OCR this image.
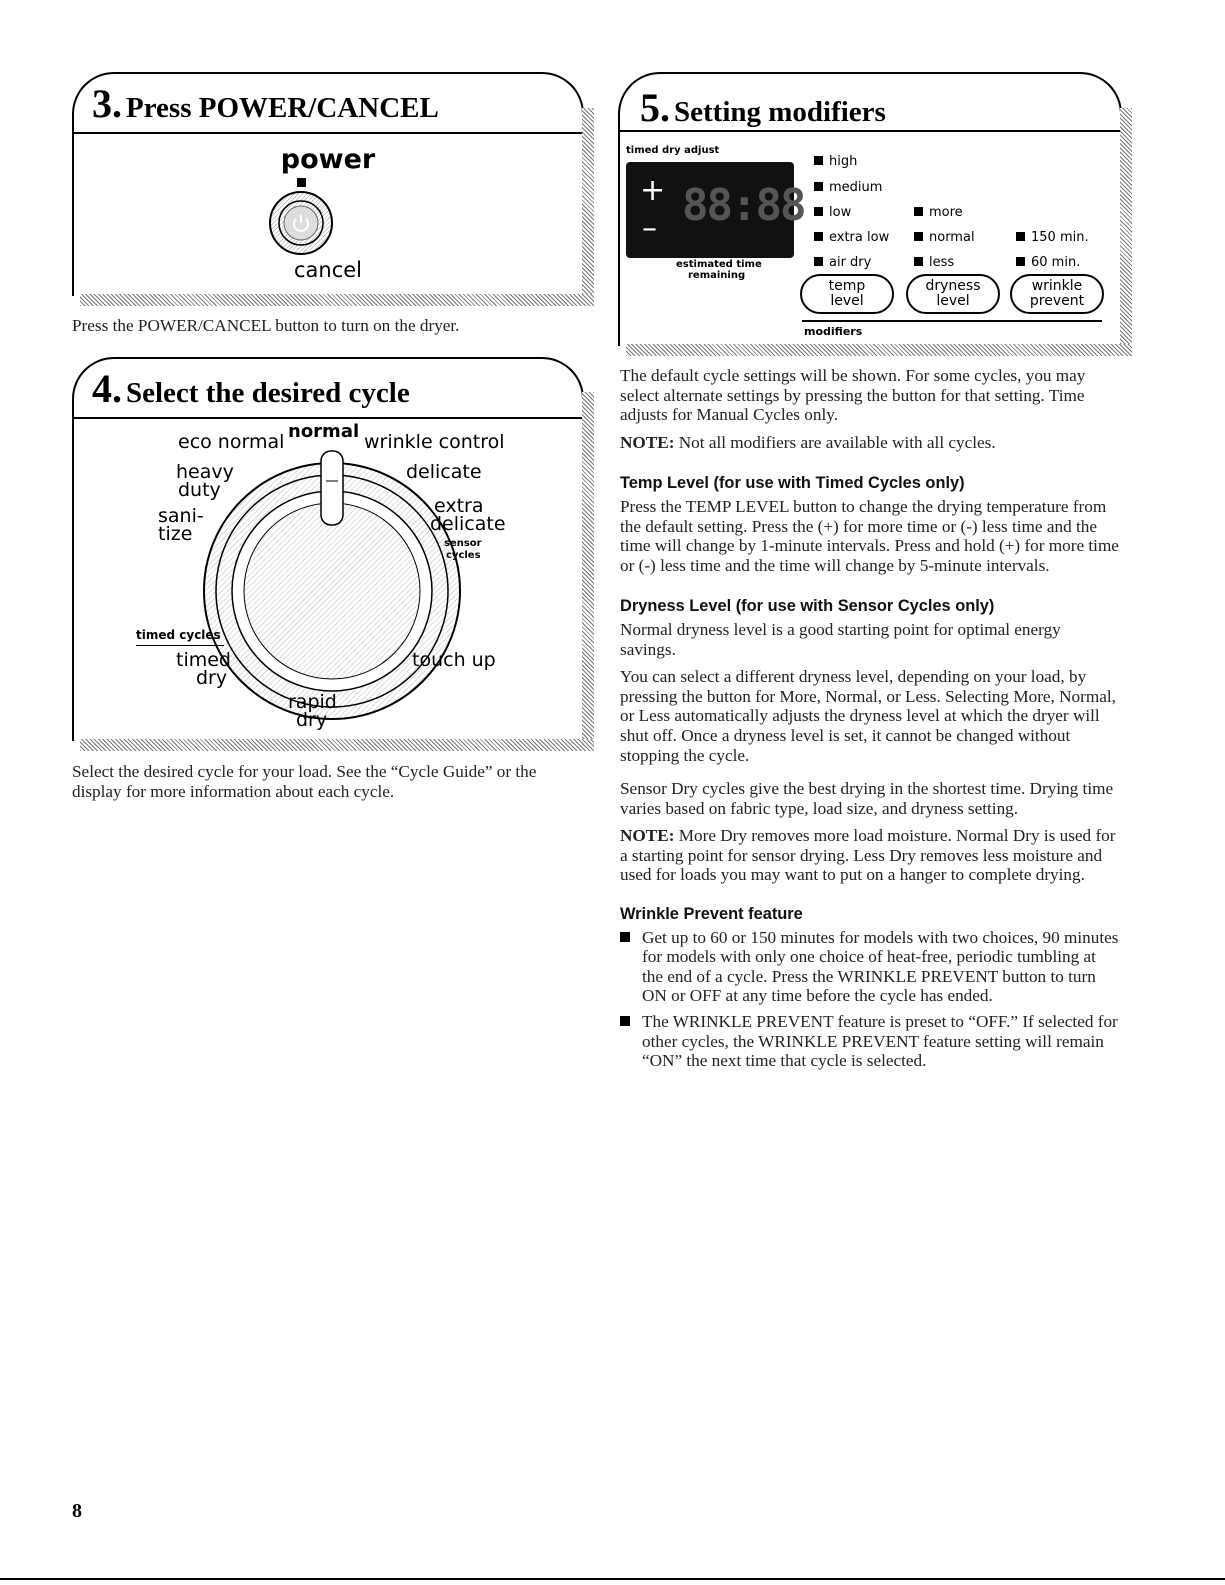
3. Press POWER/CANCEL
power
cancel
Press the POWER/CANCEL button to turn on the dryer.
4. Select the desired cycle
normal
eco normal	wrinkle control
heavy
duty
delicate
sani-
tize
extra
delicate
sensor
cycles
timed cycles
timed
dry
touch up
rapid
dry
Select the desired cycle for your load. See the “Cycle Guide” or the display for more information about each cycle.
5. Setting modifiers
timed dry adjust
+
– 88:88
estimated time
remaining
high
medium
low
extra low
air dry
more
normal
less
150 min.
60 min.
temp
level
dryness
level
wrinkle
prevent
modifiers

The default cycle settings will be shown. For some cycles, you may select alternate settings by pressing the button for that setting. Time adjusts for Manual Cycles only.

NOTE: Not all modifiers are available with all cycles.

Temp Level (for use with Timed Cycles only)

Press the TEMP LEVEL button to change the drying temperature from the default setting. Press the (+) for more time or (-) less time and the time will change by 1-minute intervals. Press and hold (+) for more time or (-) less time and the time will change by 5-minute intervals.

Dryness Level (for use with Sensor Cycles only)

Normal dryness level is a good starting point for optimal energy savings.

You can select a different dryness level, depending on your load, by pressing the button for More, Normal, or Less. Selecting More, Normal, or Less automatically adjusts the dryness level at which the dryer will shut off. Once a dryness level is set, it cannot be changed without stopping the cycle.

Sensor Dry cycles give the best drying in the shortest time. Drying time varies based on fabric type, load size, and dryness setting.

NOTE: More Dry removes more load moisture. Normal Dry is used for a starting point for sensor drying. Less Dry removes less moisture and used for loads you may want to put on a hanger to complete drying.

Wrinkle Prevent feature
Get up to 60 or 150 minutes for models with two choices, 90 minutes for models with only one choice of heat-free, periodic tumbling at the end of a cycle. Press the WRINKLE PREVENT button to turn ON or OFF at any time before the cycle has ended.
The WRINKLE PREVENT feature is preset to “OFF.” If selected for other cycles, the WRINKLE PREVENT feature setting will remain “ON” the next time that cycle is selected.
8
